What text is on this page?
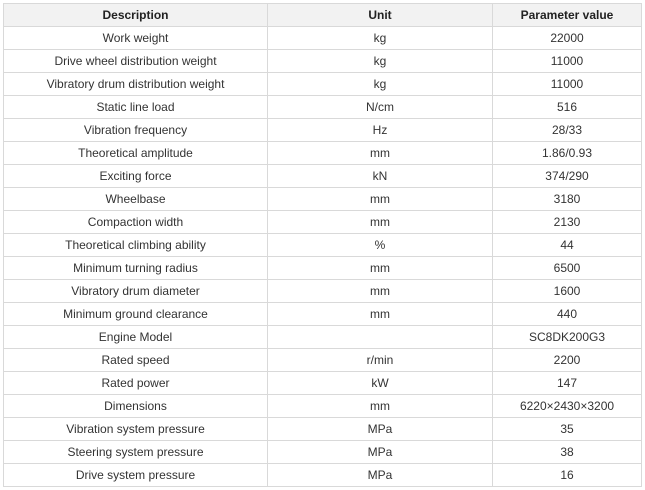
Description	Unit	Parameter value
Work weight	kg	22000
Drive wheel distribution weight	kg	11000
Vibratory drum distribution weight	kg	11000
Static line load	N/cm	516
Vibration frequency	Hz	28/33
Theoretical amplitude	mm	1.86/0.93
Exciting force	kN	374/290
Wheelbase	mm	3180
Compaction width	mm	2130
Theoretical climbing ability	%	44
Minimum turning radius	mm	6500
Vibratory drum diameter	mm	1600
Minimum ground clearance	mm	440
Engine Model		SC8DK200G3
Rated speed	r/min	2200
Rated power	kW	147
Dimensions	mm	6220×2430×3200
Vibration system pressure	MPa	35
Steering system pressure	MPa	38
Drive system pressure	MPa	16
